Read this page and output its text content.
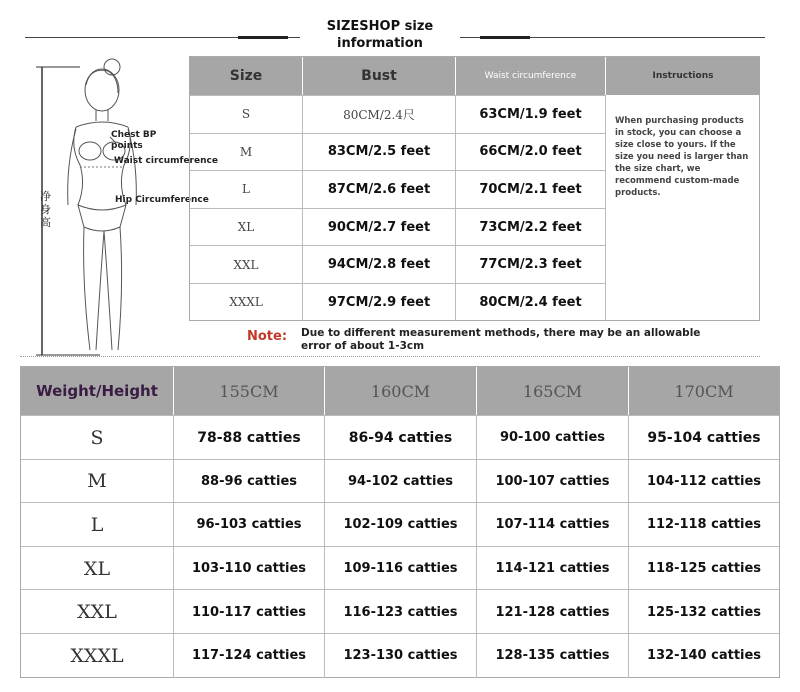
SIZESHOP size
information
Chest BP points
Waist circumference
Hip Circumference
净身高
Size	Bust	Waist circumference	Instructions
S	80CM/2.4尺	63CM/1.9 feet
M	83CM/2.5 feet	66CM/2.0 feet
L	87CM/2.6 feet	70CM/2.1 feet
XL	90CM/2.7 feet	73CM/2.2 feet
XXL	94CM/2.8 feet	77CM/2.3 feet
XXXL	97CM/2.9 feet	80CM/2.4 feet
When purchasing products in stock, you can choose a size close to yours. If the size you need is larger than the size chart, we recommend custom-made products.
Note: Due to different measurement methods, there may be an allowable error of about 1-3cm
Weight/Height	155CM	160CM	165CM	170CM
S	78-88 catties	86-94 catties	90-100 catties	95-104 catties
M	88-96 catties	94-102 catties	100-107 catties	104-112 catties
L	96-103 catties	102-109 catties	107-114 catties	112-118 catties
XL	103-110 catties	109-116 catties	114-121 catties	118-125 catties
XXL	110-117 catties	116-123 catties	121-128 catties	125-132 catties
XXXL	117-124 catties	123-130 catties	128-135 catties	132-140 catties
